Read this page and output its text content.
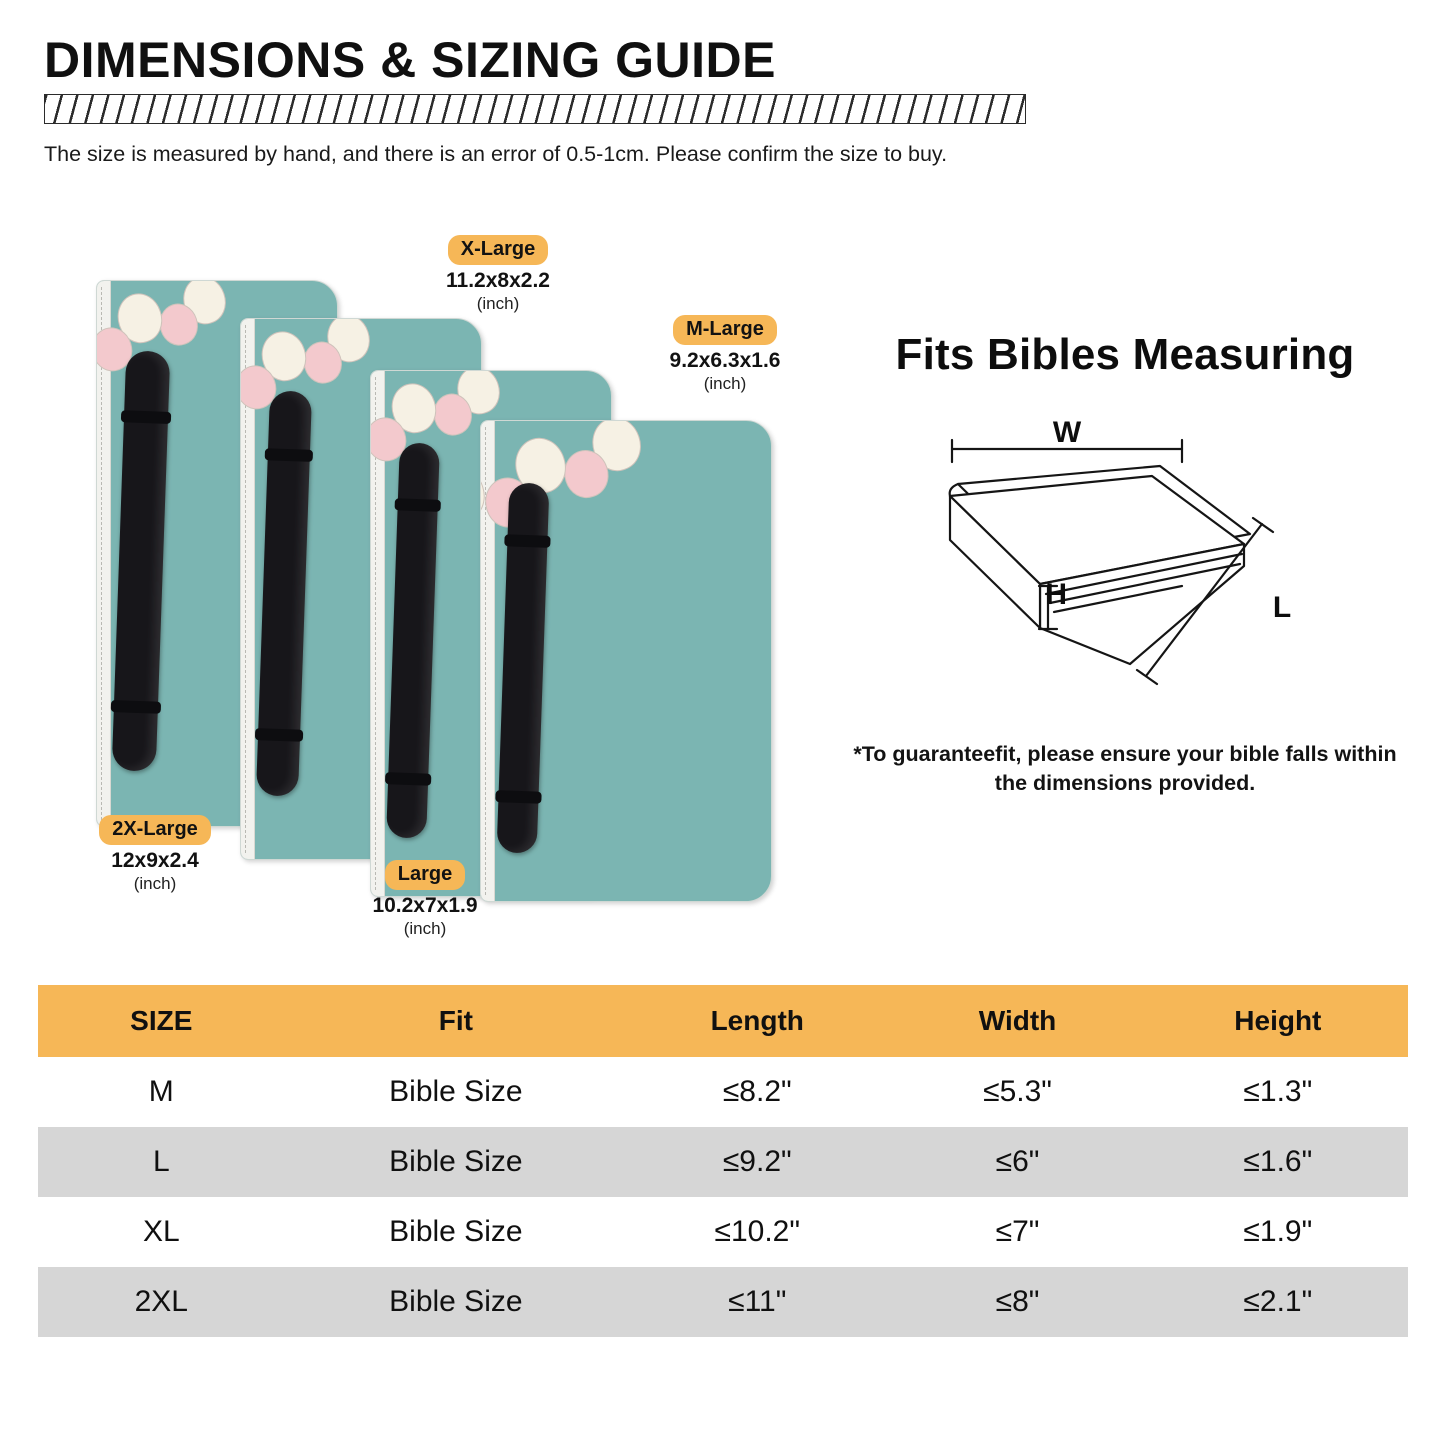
DIMENSIONS & SIZING GUIDE
The size is measured by hand, and there is an error of 0.5-1cm. Please confirm the size to buy.
X-Large
11.2x8x2.2
(inch)
M-Large
9.2x6.3x1.6
(inch)
2X-Large
12x9x2.4
(inch)	Large
10.2x7x1.9
(inch)
Fits Bibles Measuring
H
W
L
*To guaranteefit, please ensure your bible falls within the dimensions provided.
SIZE	Fit	Length	Width	Height
M	Bible Size	≤8.2"	≤5.3"	≤1.3"
L	Bible Size	≤9.2"	≤6"	≤1.6"
XL	Bible Size	≤10.2"	≤7"	≤1.9"
2XL	Bible Size	≤11"	≤8"	≤2.1"
